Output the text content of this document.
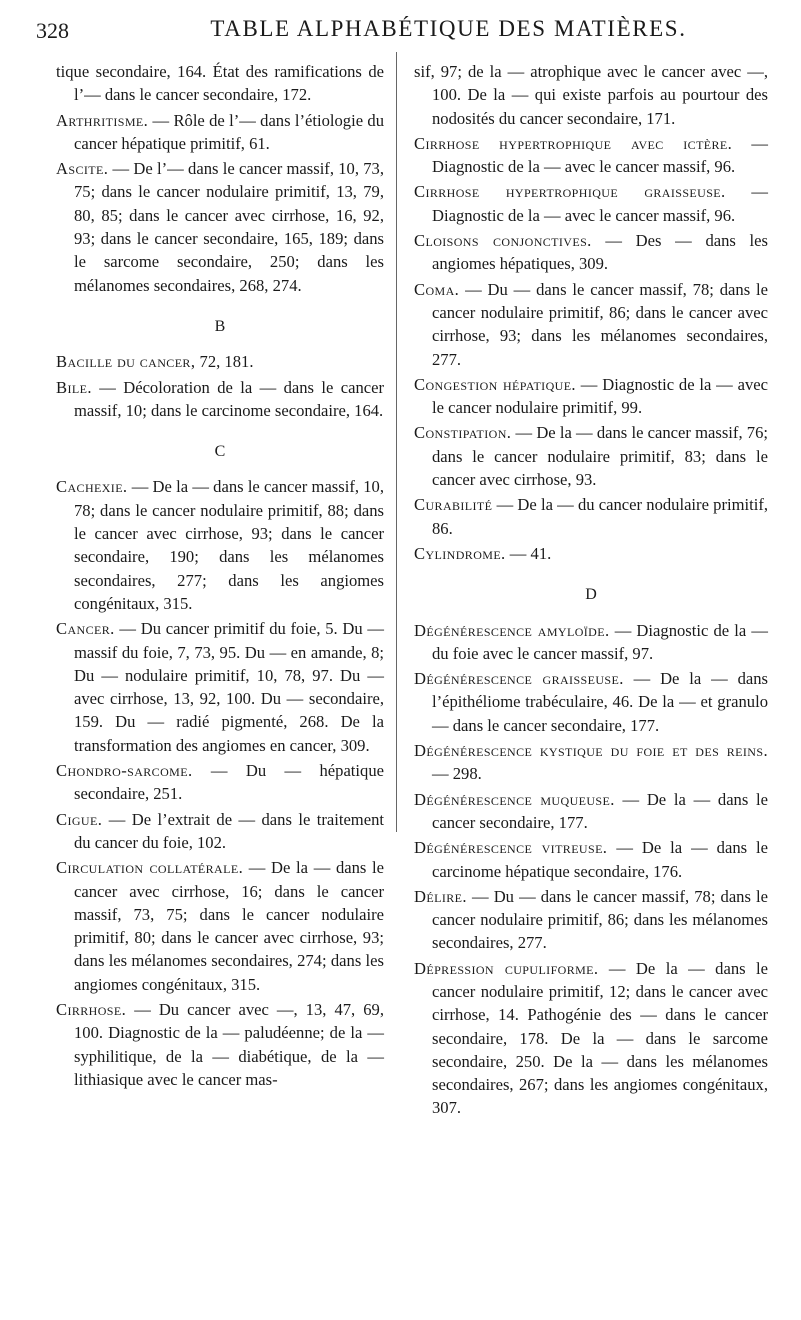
328	TABLE ALPHABÉTIQUE DES MATIÈRES.

tique secondaire, 164. État des ramifications de l’— dans le cancer secondaire, 172.

Arthritisme. — Rôle de l’— dans l’étiologie du cancer hépatique primitif, 61.

Ascite. — De l’— dans le cancer massif, 10, 73, 75; dans le cancer nodulaire primitif, 13, 79, 80, 85; dans le cancer avec cirrhose, 16, 92, 93; dans le cancer secondaire, 165, 189; dans le sarcome secondaire, 250; dans les mélanomes secondaires, 268, 274.

B

Bacille du cancer, 72, 181.

Bile. — Décoloration de la — dans le cancer massif, 10; dans le carcinome secondaire, 164.

C

Cachexie. — De la — dans le cancer massif, 10, 78; dans le cancer nodulaire primitif, 88; dans le cancer avec cirrhose, 93; dans le cancer secondaire, 190; dans les mélanomes secondaires, 277; dans les angiomes congénitaux, 315.

Cancer. — Du cancer primitif du foie, 5. Du — massif du foie, 7, 73, 95. Du — en amande, 8; Du — nodulaire primitif, 10, 78, 97. Du — avec cirrhose, 13, 92, 100. Du — secondaire, 159. Du — radié pigmenté, 268. De la transformation des angiomes en cancer, 309.

Chondro-sarcome. — Du — hépatique secondaire, 251.

Cigue. — De l’extrait de — dans le traitement du cancer du foie, 102.

Circulation collatérale. — De la — dans le cancer avec cirrhose, 16; dans le cancer massif, 73, 75; dans le cancer nodulaire primitif, 80; dans le cancer avec cirrhose, 93; dans les mélanomes secondaires, 274; dans les angiomes congénitaux, 315.

Cirrhose. — Du cancer avec —, 13, 47, 69, 100. Diagnostic de la — paludéenne; de la — syphilitique, de la — diabétique, de la — lithiasique avec le cancer mas-

sif, 97; de la — atrophique avec le cancer avec —, 100. De la — qui existe parfois au pourtour des nodosités du cancer secondaire, 171.

Cirrhose hypertrophique avec ictère. — Diagnostic de la — avec le cancer massif, 96.

Cirrhose hypertrophique graisseuse. — Diagnostic de la — avec le cancer massif, 96.

Cloisons conjonctives. — Des — dans les angiomes hépatiques, 309.

Coma. — Du — dans le cancer massif, 78; dans le cancer nodulaire primitif, 86; dans le cancer avec cirrhose, 93; dans les mélanomes secondaires, 277.

Congestion hépatique. — Diagnostic de la — avec le cancer nodulaire primitif, 99.

Constipation. — De la — dans le cancer massif, 76; dans le cancer nodulaire primitif, 83; dans le cancer avec cirrhose, 93.

Curabilité — De la — du cancer nodulaire primitif, 86.

Cylindrome. — 41.

D

Dégénérescence amyloïde. — Diagnostic de la — du foie avec le cancer massif, 97.

Dégénérescence graisseuse. — De la — dans l’épithéliome trabéculaire, 46. De la — et granulo — dans le cancer secondaire, 177.

Dégénérescence kystique du foie et des reins. — 298.

Dégénérescence muqueuse. — De la — dans le cancer secondaire, 177.

Dégénérescence vitreuse. — De la — dans le carcinome hépatique secondaire, 176.

Délire. — Du — dans le cancer massif, 78; dans le cancer nodulaire primitif, 86; dans les mélanomes secondaires, 277.

Dépression cupuliforme. — De la — dans le cancer nodulaire primitif, 12; dans le cancer avec cirrhose, 14. Pathogénie des — dans le cancer secondaire, 178. De la — dans le sarcome secondaire, 250. De la — dans les mélanomes secondaires, 267; dans les angiomes congénitaux, 307.
